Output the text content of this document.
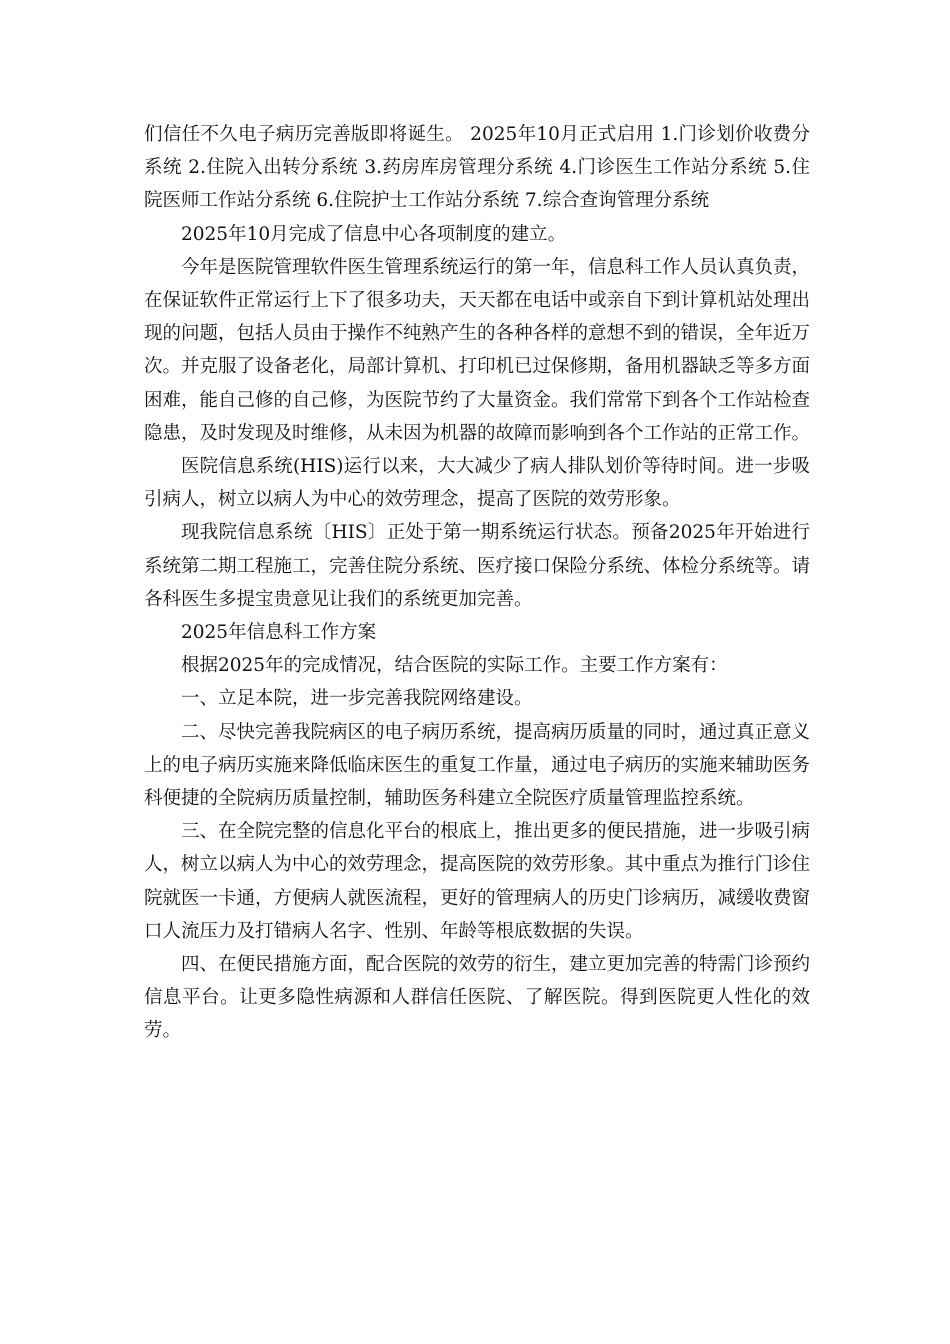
们信任不久电子病历完善版即将诞生。 2025年10月正式启用 1.门诊划价收费分系统 2.住院入出转分系统 3.药房库房管理分系统 4.门诊医生工作站分系统 5.住院医师工作站分系统 6.住院护士工作站分系统 7.综合查询管理分系统

2025年10月完成了信息中心各项制度的建立。

今年是医院管理软件医生管理系统运行的第一年，信息科工作人员认真负责，在保证软件正常运行上下了很多功夫，天天都在电话中或亲自下到计算机站处理出现的问题，包括人员由于操作不纯熟产生的各种各样的意想不到的错误，全年近万次。并克服了设备老化，局部计算机、打印机已过保修期，备用机器缺乏等多方面困难，能自己修的自己修，为医院节约了大量资金。我们常常下到各个工作站检查隐患，及时发现及时维修，从未因为机器的故障而影响到各个工作站的正常工作。

医院信息系统(HIS)运行以来，大大减少了病人排队划价等待时间。进一步吸引病人，树立以病人为中心的效劳理念，提高了医院的效劳形象。

现我院信息系统〔HIS〕正处于第一期系统运行状态。预备2025年开始进行系统第二期工程施工，完善住院分系统、医疗接口保险分系统、体检分系统等。请各科医生多提宝贵意见让我们的系统更加完善。

2025年信息科工作方案

根据2025年的完成情况，结合医院的实际工作。主要工作方案有：

一、立足本院，进一步完善我院网络建设。

二、尽快完善我院病区的电子病历系统，提高病历质量的同时，通过真正意义上的电子病历实施来降低临床医生的重复工作量，通过电子病历的实施来辅助医务科便捷的全院病历质量控制，辅助医务科建立全院医疗质量管理监控系统。

三、在全院完整的信息化平台的根底上，推出更多的便民措施，进一步吸引病人，树立以病人为中心的效劳理念，提高医院的效劳形象。其中重点为推行门诊住院就医一卡通，方便病人就医流程，更好的管理病人的历史门诊病历，减缓收费窗口人流压力及打错病人名字、性别、年龄等根底数据的失误。

四、在便民措施方面，配合医院的效劳的衍生，建立更加完善的特需门诊预约信息平台。让更多隐性病源和人群信任医院、了解医院。得到医院更人性化的效劳。
